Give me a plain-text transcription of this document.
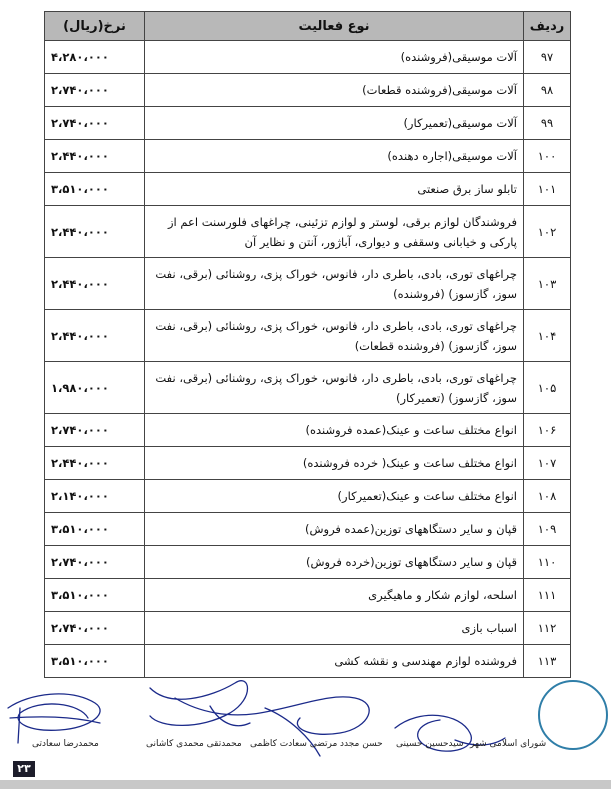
ردیف	نوع فعالیت	نرخ(ریال)
۹۷	آلات موسیقی(فروشنده)	۴،۲۸۰،۰۰۰
۹۸	آلات موسیقی(فروشنده قطعات)	۲،۷۴۰،۰۰۰
۹۹	آلات موسیقی(تعمیرکار)	۲،۷۴۰،۰۰۰
۱۰۰	آلات موسیقی(اجاره دهنده)	۲،۴۴۰،۰۰۰
۱۰۱	تابلو ساز برق صنعتی	۳،۵۱۰،۰۰۰
۱۰۲	فروشندگان لوازم برقی، لوستر و لوازم تزئینی، چراغهای فلورسنت اعم از پارکی و خیابانی وسقفی و دیواری، آباژور، آنتن و نظایر آن	۲،۴۴۰،۰۰۰
۱۰۳	چراغهای توری، بادی، باطری دار، فانوس، خوراک پزی، روشنائی (برقی، نفت سوز، گازسوز) (فروشنده)	۲،۴۴۰،۰۰۰
۱۰۴	چراغهای توری، بادی، باطری دار، فانوس، خوراک پزی، روشنائی (برقی، نفت سوز، گازسوز) (فروشنده قطعات)	۲،۴۴۰،۰۰۰
۱۰۵	چراغهای توری، بادی، باطری دار، فانوس، خوراک پزی، روشنائی (برقی، نفت سوز، گازسوز) (تعمیرکار)	۱،۹۸۰،۰۰۰
۱۰۶	انواع مختلف ساعت و عینک(عمده فروشنده)	۲،۷۴۰،۰۰۰
۱۰۷	انواع مختلف ساعت و عینک( خرده فروشنده)	۲،۴۴۰،۰۰۰
۱۰۸	انواع مختلف ساعت و عینک(تعمیرکار)	۲،۱۴۰،۰۰۰
۱۰۹	قپان و سایر دستگاههای توزین(عمده فروش)	۳،۵۱۰،۰۰۰
۱۱۰	قپان و سایر دستگاههای توزین(خرده فروش)	۲،۷۴۰،۰۰۰
۱۱۱	اسلحه، لوازم شکار و ماهیگیری	۳،۵۱۰،۰۰۰
۱۱۲	اسباب بازی	۲،۷۴۰،۰۰۰
۱۱۳	فروشنده لوازم مهندسی و نقشه کشی	۳،۵۱۰،۰۰۰
محمدرضا سعادتی	محمدتقی محمدی کاشانی مرتضی سعادت کاظمی حسن مجدد سیدحسین حسینی شورای اسلامی شهر
۲۳
